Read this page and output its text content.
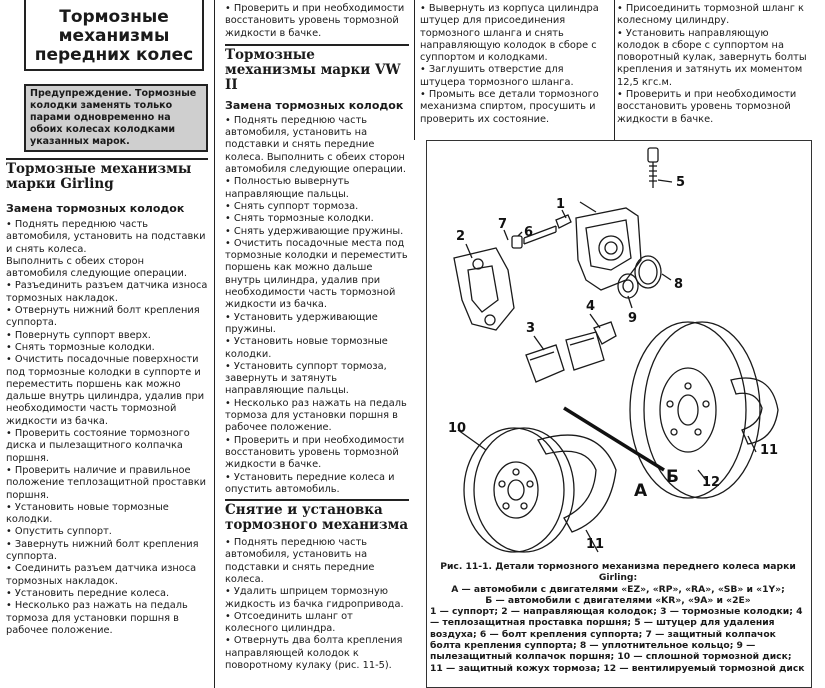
Тормозные механизмы передних колес
Предупреждение. Тормозные колодки заменять только парами одновременно на обоих колесах колодками указанных марок.
Тормозные механизмы марки Girling
Замена тормозных колодок

• Поднять переднюю часть автомобиля, установить на подставки и снять колеса.
Выполнить с обеих сторон автомобиля следующие операции.
• Разъединить разъем датчика износа тормозных накладок.
• Отвернуть нижний болт крепления суппорта.
• Повернуть суппорт вверх.
• Снять тормозные колодки.
• Очистить посадочные поверхности под тормозные колодки в суппорте и переместить поршень как можно дальше внутрь цилиндра, удалив при необходимости часть тормозной жидкости из бачка.
• Проверить состояние тормозного диска и пылезащитного колпачка поршня.
• Проверить наличие и правильное положение теплозащитной проставки поршня.
• Установить новые тормозные колодки.
• Опустить суппорт.
• Завернуть нижний болт крепления суппорта.
• Соединить разъем датчика износа тормозных накладок.
• Установить передние колеса.
• Несколько раз нажать на педаль тормоза для установки поршня в рабочее положение.

• Проверить и при необходимости восстановить уровень тормозной жидкости в бачке.

Тормозные механизмы марки VW II
Замена тормозных колодок

• Поднять переднюю часть автомобиля, установить на подставки и снять передние колеса. Выполнить с обеих сторон автомобиля следующие операции.
• Полностью вывернуть направляющие пальцы.
• Снять суппорт тормоза.
• Снять тормозные колодки.
• Снять удерживающие пружины.
• Очистить посадочные места под тормозные колодки и переместить поршень как можно дальше внутрь цилиндра, удалив при необходимости часть тормозной жидкости из бачка.
• Установить удерживающие пружины.
• Установить новые тормозные колодки.
• Установить суппорт тормоза, завернуть и затянуть направляющие пальцы.
• Несколько раз нажать на педаль тормоза для установки поршня в рабочее положение.
• Проверить и при необходимости восстановить уровень тормозной жидкости в бачке.
• Установить передние колеса и опустить автомобиль.

Снятие и установка тормозного механизма

• Поднять переднюю часть автомобиля, установить на подставки и снять передние колеса.
• Удалить шприцем тормозную жидкость из бачка гидропривода.
• Отсоединить шланг от колесного цилиндра.
• Отвернуть два болта крепления направляющей колодок к поворотному кулаку (рис. 11-5).

• Вывернуть из корпуса цилиндра штуцер для присоединения тормозного шланга и снять направляющую колодок в сборе с суппортом и колодками.
• Заглушить отверстие для штуцера тормозного шланга.
• Промыть все детали тормозного механизма спиртом, просушить и проверить их состояние.

• Присоединить тормозной шланг к колесному цилиндру.
• Установить направляющую колодок в сборе с суппортом на поворотный кулак, завернуть болты крепления и затянуть их моментом 12,5 кгс.м.
• Проверить и при необходимости восстановить уровень тормозной жидкости в бачке.

2
7
6
1
5
8
9
3
4
10
11
11
12
А
Б
Рис. 11-1. Детали тормозного механизма переднего колеса марки Girling:
А — автомобили с двигателями «EZ», «RP», «RA», «SB» и «1Y»;
Б — автомобили с двигателями «KR», «9A» и «2E»
1 — суппорт; 2 — направляющая колодок; 3 — тормозные колодки; 4 — теплозащитная проставка поршня; 5 — штуцер для удаления воздуха; 6 — болт крепления суппорта; 7 — защитный колпачок болта крепления суппорта; 8 — уплотнительное кольцо; 9 — пылезащитный колпачок поршня; 10 — сплошной тормозной диск; 11 — защитный кожух тормоза; 12 — вентилируемый тормозной диск
